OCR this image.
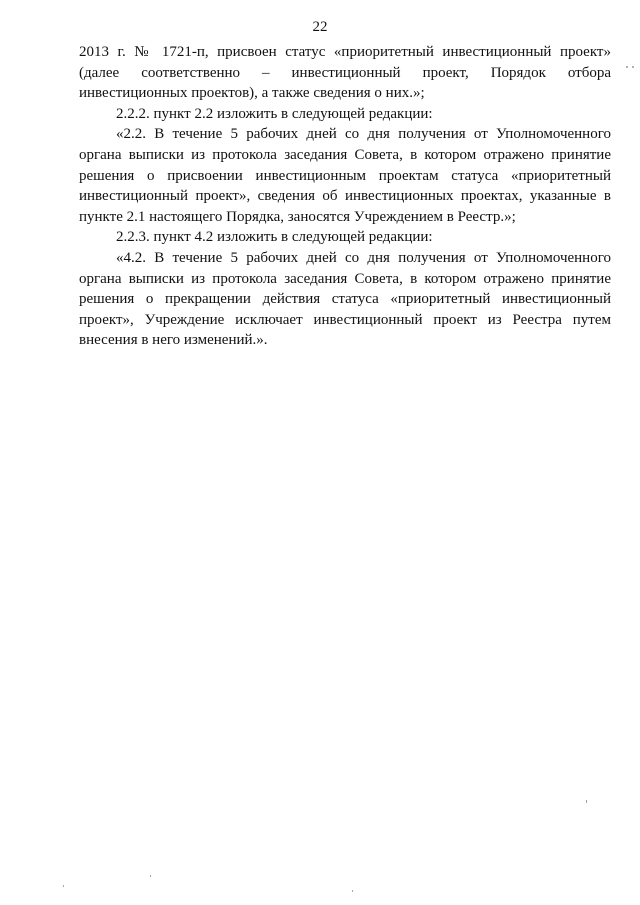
22

2013 г. № 1721-п, присвоен статус «приоритетный инвестиционный проект» (далее соответственно – инвестиционный проект, Порядок отбора

инвестиционных проектов), а также сведения о них.»;

2.2.2. пункт 2.2 изложить в следующей редакции:

«2.2. В течение 5 рабочих дней со дня получения от Уполномоченного органа выписки из протокола заседания Совета, в котором отражено принятие решения о присвоении инвестиционным проектам статуса «приоритетный инвестиционный проект», сведения об инвестиционных проектах, указанные в пункте 2.1 настоящего Порядка, заносятся Учреждением в Реестр.»;

2.2.3. пункт 4.2 изложить в следующей редакции:

«4.2. В течение 5 рабочих дней со дня получения от Уполномоченного органа выписки из протокола заседания Совета, в котором отражено принятие решения о прекращении действия статуса «приоритетный инвестиционный проект», Учреждение исключает инвестиционный проект из Реестра путем внесения в него изменений.».
